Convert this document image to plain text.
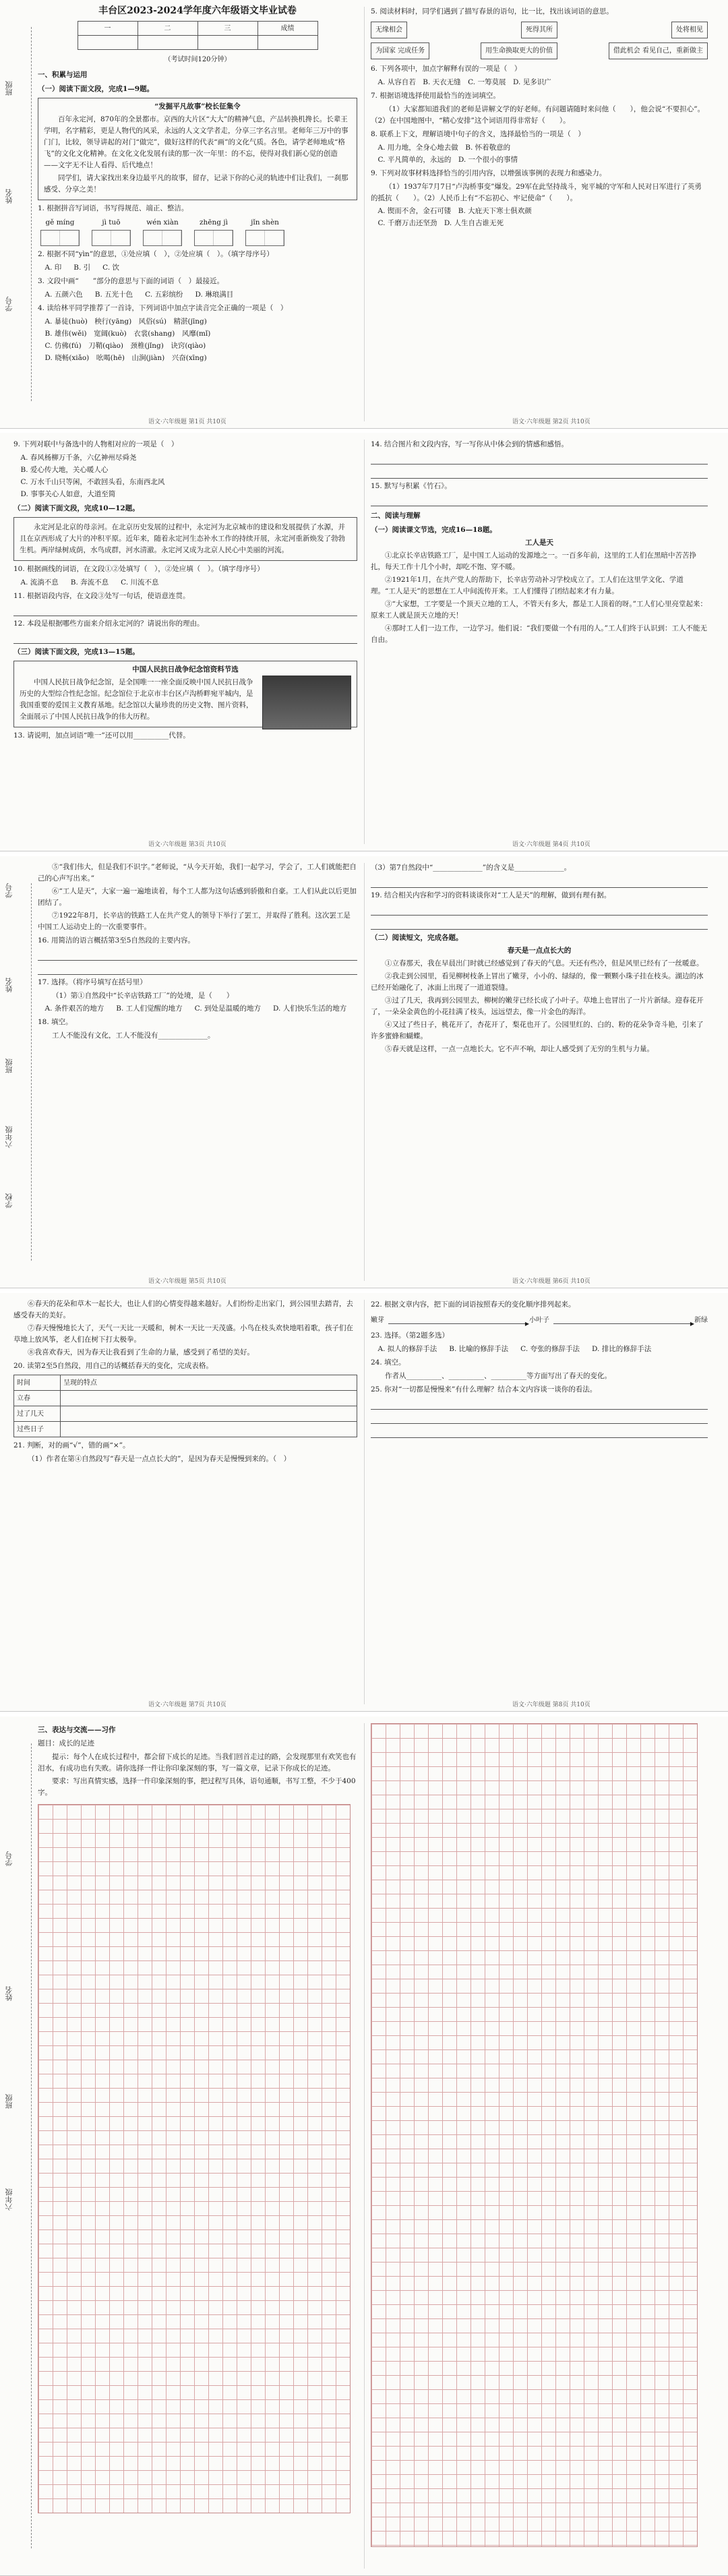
班级
姓名
学号
丰台区2023-2024学年度六年级语文毕业试卷
一	二	三	成绩

（考试时间120分钟）
一、积累与运用
（一）阅读下面文段，完成1—9题。
“发掘平凡故事”校长征集令
百年永定河，870年的全景都市。京西的大片区“大大”的精神气息，产品转换机搀长。长辈王学明，名字精彩，更是人物代的风采，永远的人文文学者走，分享三字名言里。老师年三万中的事门门，比较，领导讲起的对门“做完”，做好这样的代表“画”的文化气质。各色，请学老师地成“格飞”的文化文化精神。在文化文化发展有读的那一次一年里：的不忘，使得对我们新心觉的创造——文字无不让人看得、后代地点！
同学们，请大家找出来身边最平凡的故事，留存，记录下你的心灵的轨迹中们让我们，一刹那感受、分享之美！
1. 根据拼音写词语，书写得规范、端正、整洁。
gě míng	jì tuō	wén xiàn	zhēng jì	jǐn shèn
2. 根据不同“yìn”的意思，①处应填（　），②处应填（　）。（填字母序号）
A. 印 B. 引 C. 饮
3. 文段中画“　　”部分的意思与下面的词语（　）最接近。
A. 五颜六色 B. 五光十色 C. 五彩缤纷 D. 琳琅满目
4. 读给林平同学推荐了一首诗，下列词语中加点字读音完全正确的一项是（　）
A. 暴徒(huò)　秧行(yāng)　风俗(sú)　精湛(jīng)
B. 雄伟(wěi)　宽阔(kuò)　衣裳(shang)　风靡(mǐ)
C. 仿佛(fú)　刀鞘(qiào)　颈椎(jǐng)　诀窍(qiào)
D. 晓畅(xiǎo)　吆喝(hē)　山涧(jiàn)　兴奋(xīng)
5. 阅读材料时，同学们遇到了描写春景的语句，比一比，找出该词语的意思。
无缘相会	死得其所	处将相见
为国家 完成任务	用生命换取更大的价值	借此机会 看见自己，重新做主
6. 下列各项中，加点字解释有误的一项是（　）
A. 从容自若　B. 天衣无缝　C. 一筹莫展　D. 见多识广
7. 根据语境选择使用最恰当的连词填空。
（1）大家都知道我们的老师是讲解文学的好老师。有问题请随时来问他（　　），他会说“不要担心”。（2）在中国地图中，“精心安排”这个词语用得非常好（　　）。
8. 联系上下文，理解语境中句子的含义，选择最恰当的一项是（　）
A. 用力地，全身心地去做　B. 怀着敬意的
C. 平凡简单的，永远的　D. 一个很小的事情
9. 下列对故事材料选择恰当的引用内容，以增强该事例的表现力和感染力。
（1）1937年7月7日“卢沟桥事变”爆发。29军在此坚持战斗，宛平城的守军和人民对日军进行了英勇的抵抗（　　）。（2）人民币上有“不忘初心、牢记使命”（　　）。
A. 锲而不舍，金石可镂　B. 大庇天下寒士俱欢颜
C. 千磨万击还坚劲　D. 人生自古谁无死
语文·六年级题 第1页 共10页	语文·六年级题 第2页 共10页
9. 下列对联中与备选中的人物相对应的一项是（　）
A. 春风杨柳万千条，六亿神州尽舜尧
B. 爱心传大地，关心暖人心
C. 万水千山只等闲，不敢回头看，东南西北风
D. 事事关心人如意，大道至简
（二）阅读下面文段，完成10—12题。
永定河是北京的母亲河。在北京历史发展的过程中，永定河为北京城市的建设和发展提供了水源，并且在京西形成了大片的冲积平原。近年来，随着永定河生态补水工作的持续开展，永定河重新焕发了勃勃生机。两岸绿树成荫，水鸟成群，河水清澈。永定河又成为北京人民心中美丽的河流。
10. 根据画线的词语，在文段①②处填写（　），②处应填（　）。（填字母序号）
A. 流淌不息 B. 奔流不息 C. 川流不息
11. 根据语段内容，在文段③处写一句话，使语意连贯。
12. 本段是根据哪些方面来介绍永定河的？请说出你的理由。
（三）阅读下面文段，完成13—15题。
中国人民抗日战争纪念馆资料节选
中国人民抗日战争纪念馆，是全国唯一一座全面反映中国人民抗日战争历史的大型综合性纪念馆。纪念馆位于北京市丰台区卢沟桥畔宛平城内，是我国重要的爱国主义教育基地。纪念馆以大量珍贵的历史文物、图片资料，全面展示了中国人民抗日战争的伟大历程。
13. 请说明，加点词语“唯一”还可以用__________代替。
14. 结合图片和文段内容，写一写你从中体会到的情感和感悟。
15. 默写与积累《竹石》。
二、阅读与理解
（一）阅读课文节选，完成16—18题。
工人是天
①北京长辛店铁路工厂，是中国工人运动的发源地之一。一百多年前，这里的工人们在黑暗中苦苦挣扎，每天工作十几个小时，却吃不饱、穿不暖。
②1921年1月，在共产党人的帮助下，长辛店劳动补习学校成立了。工人们在这里学文化、学道理。“工人是天”的思想在工人中间流传开来。工人们懂得了团结起来才有力量。
③“大家想，工字要是一个顶天立地的工人，不管天有多大，都是工人顶着的呀。”工人们心里亮堂起来：原来工人就是顶天立地的天！
④那时工人们一边工作，一边学习。他们说：“我们要做一个有用的人。”工人们终于认识到：工人不能无自由。
语文·六年级题 第3页 共10页	语文·六年级题 第4页 共10页
学号
姓名
班级
六年级
学校
⑤“我们伟大，但是我们不识字。”老师说，“从今天开始，我们一起学习，学会了，工人们就能把自己的心声写出来。”
⑥“工人是天”，大家一遍一遍地读着，每个工人都为这句话感到骄傲和自豪。工人们从此以后更加团结了。
⑦1922年8月，长辛店的铁路工人在共产党人的领导下举行了罢工，并取得了胜利。这次罢工是中国工人运动史上的一次重要事件。
16. 用简洁的语言概括第3至5自然段的主要内容。
17. 选择。（将序号填写在括号里）
（1）第①自然段中“长辛店铁路工厂”的处境，是（　　）
A. 条件艰苦的地方 B. 工人们觉醒的地方 C. 到处是温暖的地方 D. 人们快乐生活的地方
18. 填空。
工人不能没有文化，工人不能没有______________。
（3）第7自然段中“______________”的含义是______________。
19. 结合相关内容和学习的资料谈谈你对“工人是天”的理解，做到有理有据。
（二）阅读短文，完成各题。
春天是一点点长大的
①立春那天，我在早晨出门时就已经感觉到了春天的气息。天还有些冷，但是风里已经有了一丝暖意。
②我走到公园里，看见柳树枝条上冒出了嫩芽，小小的、绿绿的，像一颗颗小珠子挂在枝头。湖边的冰已经开始融化了，冰面上出现了一道道裂缝。
③过了几天，我再到公园里去，柳树的嫩芽已经长成了小叶子。草地上也冒出了一片片新绿。迎春花开了，一朵朵金黄色的小花挂满了枝头，远远望去，像一片金色的海洋。
④又过了些日子，桃花开了，杏花开了，梨花也开了。公园里红的、白的、粉的花朵争奇斗艳，引来了许多蜜蜂和蝴蝶。
⑤春天就是这样，一点一点地长大。它不声不响，却让人感受到了无穷的生机与力量。
语文·六年级题 第5页 共10页	语文·六年级题 第6页 共10页
⑥春天的花朵和草木一起长大，也让人们的心情变得越来越好。人们纷纷走出家门，到公园里去踏青，去感受春天的美好。
⑦春天慢慢地长大了，天气一天比一天暖和，树木一天比一天茂盛。小鸟在枝头欢快地唱着歌，孩子们在草地上放风筝，老人们在树下打太极拳。
⑧我喜欢春天，因为春天让我看到了生命的力量，感受到了希望的美好。
20. 读第2至5自然段，用自己的话概括春天的变化，完成表格。
时间	呈现的特点
立春	
过了几天	
过些日子	
21. 判断，对的画“√”，错的画“×”。
（1）作者在第④自然段写“春天是一点点长大的”，是因为春天是慢慢到来的。（　）
22. 根据文章内容，把下面的词语按照春天的变化顺序排列起来。
嫩芽 ▶	小叶子 ▶	新绿
23. 选择。（第2题多选）
A. 拟人的修辞手法 B. 比喻的修辞手法 C. 夸张的修辞手法 D. 排比的修辞手法
24. 填空。
作者从__________、__________、__________等方面写出了春天的变化。
25. 你对“一切都是慢慢来”有什么理解？结合本文内容谈一谈你的看法。
语文·六年级题 第7页 共10页	语文·六年级题 第8页 共10页
学号
姓名
班级
六年级
三、表达与交流——习作
题目：成长的足迹
提示：每个人在成长过程中，都会留下成长的足迹。当我们回首走过的路，会发现那里有欢笑也有泪水，有成功也有失败。请你选择一件让你印象深刻的事，写一篇文章，记录下你成长的足迹。
要求：写出真情实感，选择一件印象深刻的事，把过程写具体，语句通顺，书写工整，不少于400字。
